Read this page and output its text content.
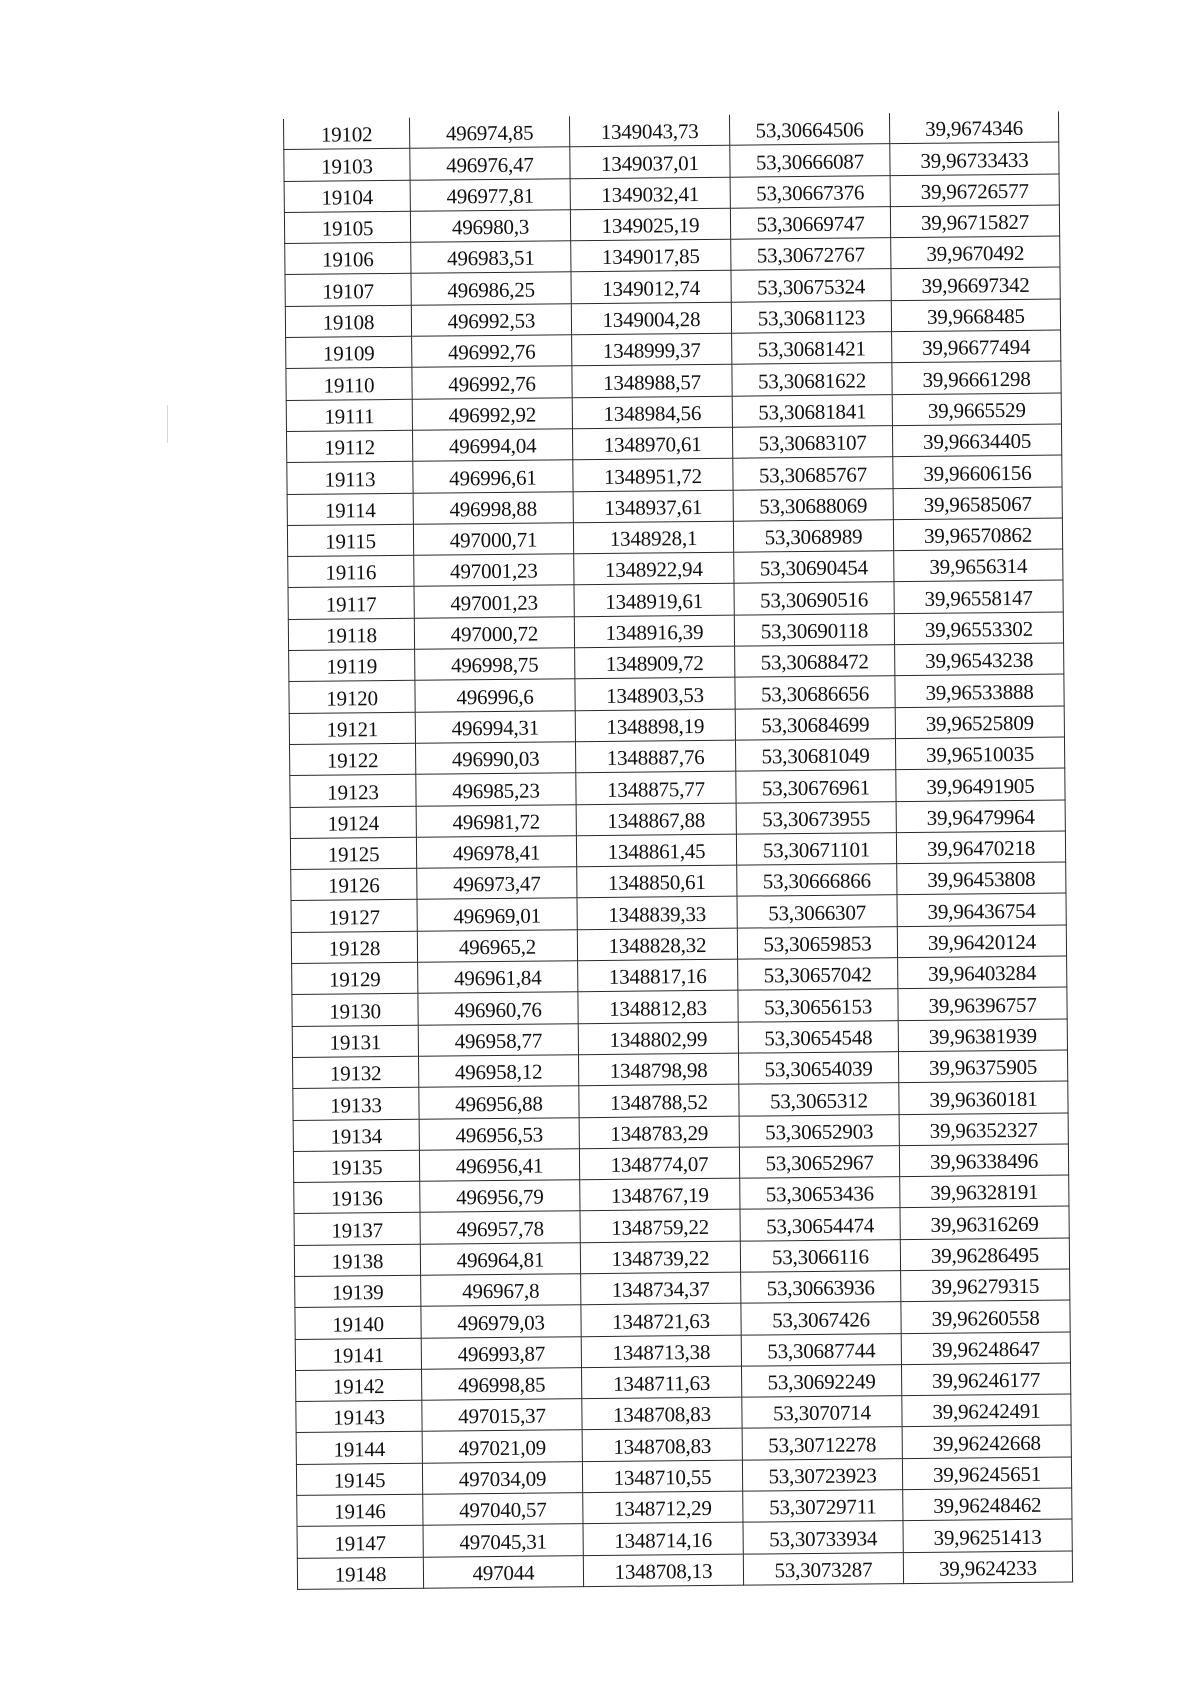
19102	496974,85	1349043,73	53,30664506	39,9674346
19103	496976,47	1349037,01	53,30666087	39,96733433
19104	496977,81	1349032,41	53,30667376	39,96726577
19105	496980,3	1349025,19	53,30669747	39,96715827
19106	496983,51	1349017,85	53,30672767	39,9670492
19107	496986,25	1349012,74	53,30675324	39,96697342
19108	496992,53	1349004,28	53,30681123	39,9668485
19109	496992,76	1348999,37	53,30681421	39,96677494
19110	496992,76	1348988,57	53,30681622	39,96661298
19111	496992,92	1348984,56	53,30681841	39,9665529
19112	496994,04	1348970,61	53,30683107	39,96634405
19113	496996,61	1348951,72	53,30685767	39,96606156
19114	496998,88	1348937,61	53,30688069	39,96585067
19115	497000,71	1348928,1	53,3068989	39,96570862
19116	497001,23	1348922,94	53,30690454	39,9656314
19117	497001,23	1348919,61	53,30690516	39,96558147
19118	497000,72	1348916,39	53,30690118	39,96553302
19119	496998,75	1348909,72	53,30688472	39,96543238
19120	496996,6	1348903,53	53,30686656	39,96533888
19121	496994,31	1348898,19	53,30684699	39,96525809
19122	496990,03	1348887,76	53,30681049	39,96510035
19123	496985,23	1348875,77	53,30676961	39,96491905
19124	496981,72	1348867,88	53,30673955	39,96479964
19125	496978,41	1348861,45	53,30671101	39,96470218
19126	496973,47	1348850,61	53,30666866	39,96453808
19127	496969,01	1348839,33	53,3066307	39,96436754
19128	496965,2	1348828,32	53,30659853	39,96420124
19129	496961,84	1348817,16	53,30657042	39,96403284
19130	496960,76	1348812,83	53,30656153	39,96396757
19131	496958,77	1348802,99	53,30654548	39,96381939
19132	496958,12	1348798,98	53,30654039	39,96375905
19133	496956,88	1348788,52	53,3065312	39,96360181
19134	496956,53	1348783,29	53,30652903	39,96352327
19135	496956,41	1348774,07	53,30652967	39,96338496
19136	496956,79	1348767,19	53,30653436	39,96328191
19137	496957,78	1348759,22	53,30654474	39,96316269
19138	496964,81	1348739,22	53,3066116	39,96286495
19139	496967,8	1348734,37	53,30663936	39,96279315
19140	496979,03	1348721,63	53,3067426	39,96260558
19141	496993,87	1348713,38	53,30687744	39,96248647
19142	496998,85	1348711,63	53,30692249	39,96246177
19143	497015,37	1348708,83	53,3070714	39,96242491
19144	497021,09	1348708,83	53,30712278	39,96242668
19145	497034,09	1348710,55	53,30723923	39,96245651
19146	497040,57	1348712,29	53,30729711	39,96248462
19147	497045,31	1348714,16	53,30733934	39,96251413
19148	497044	1348708,13	53,3073287	39,9624233
